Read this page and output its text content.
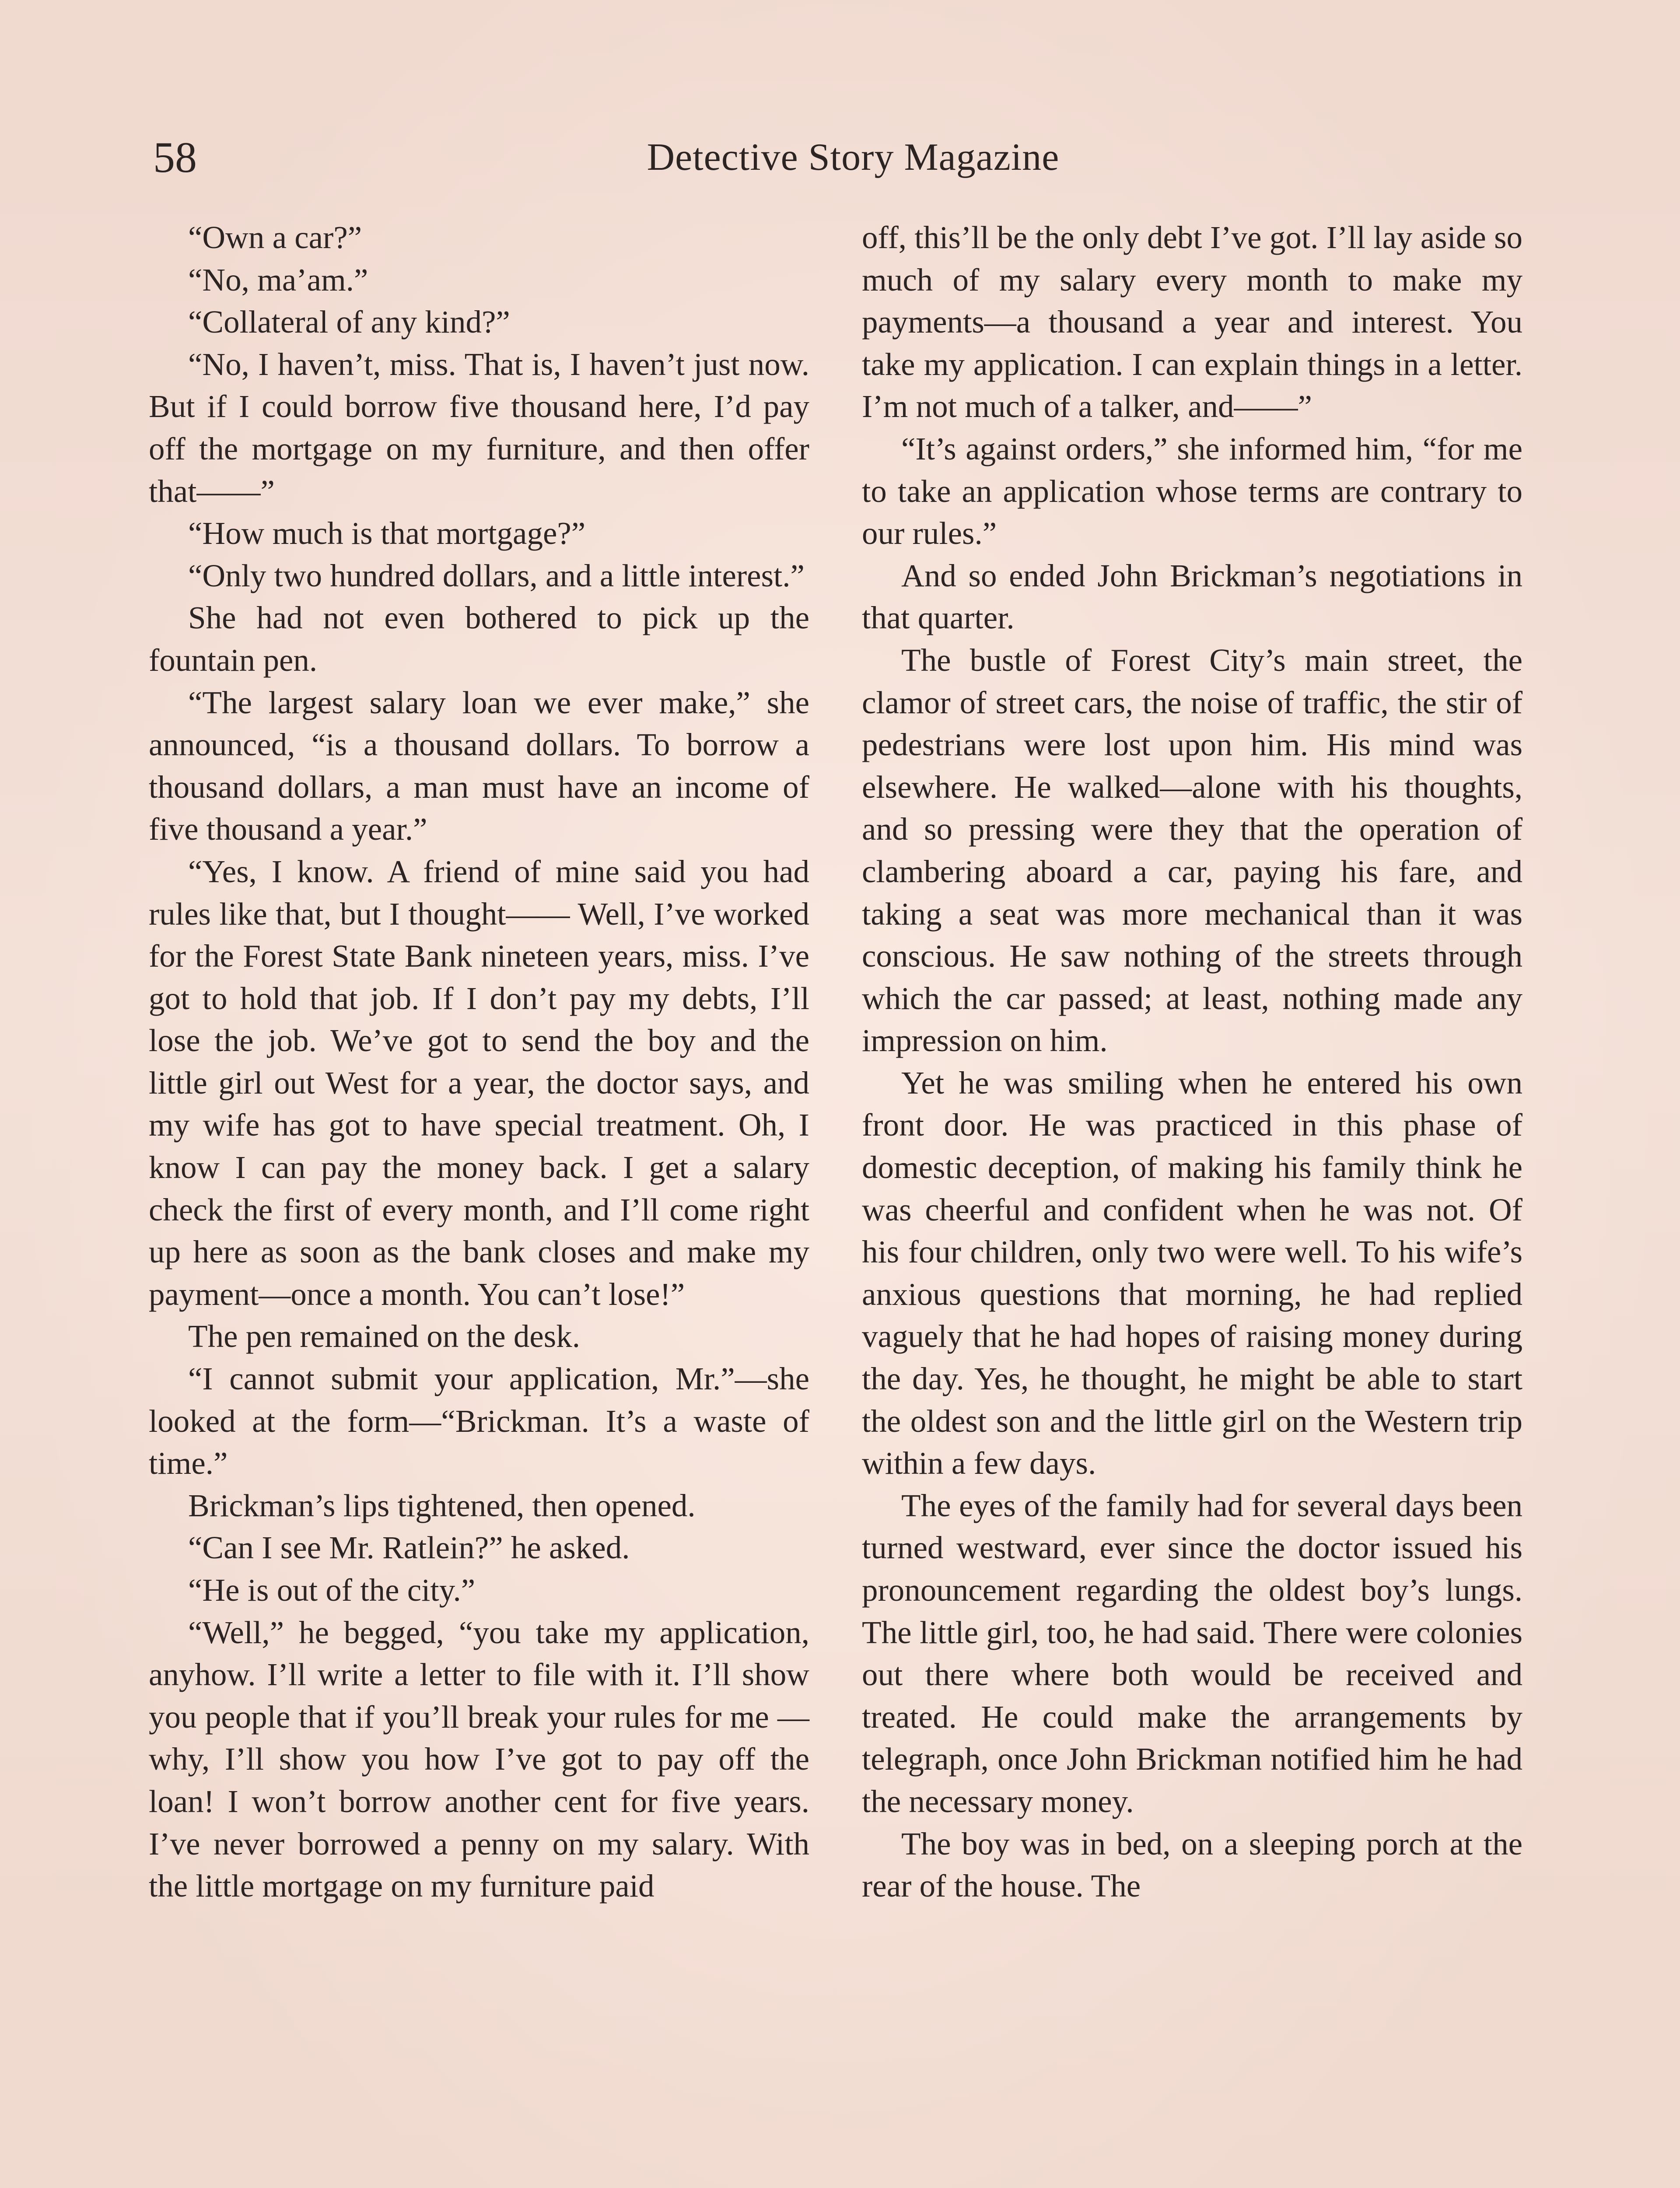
58	Detective Story Magazine

“Own a car?”

“No, ma’am.”

“Collateral of any kind?”

“No, I haven’t, miss. That is, I haven’t just now. But if I could borrow five thousand here, I’d pay off the mortgage on my furniture, and then offer that——”

“How much is that mortgage?”

“Only two hundred dollars, and a little interest.”

She had not even bothered to pick up the fountain pen.

“The largest salary loan we ever make,” she announced, “is a thousand dollars. To borrow a thousand dollars, a man must have an income of five thousand a year.”

“Yes, I know. A friend of mine said you had rules like that, but I thought—— Well, I’ve worked for the Forest State Bank nineteen years, miss. I’ve got to hold that job. If I don’t pay my debts, I’ll lose the job. We’ve got to send the boy and the little girl out West for a year, the doctor says, and my wife has got to have special treatment. Oh, I know I can pay the money back. I get a salary check the first of every month, and I’ll come right up here as soon as the bank closes and make my payment—once a month. You can’t lose!”

The pen remained on the desk.

“I cannot submit your application, Mr.”—she looked at the form—“Brickman. It’s a waste of time.”

Brickman’s lips tightened, then opened.

“Can I see Mr. Ratlein?” he asked.

“He is out of the city.”

“Well,” he begged, “you take my application, anyhow. I’ll write a letter to file with it. I’ll show you people that if you’ll break your rules for me —why, I’ll show you how I’ve got to pay off the loan! I won’t borrow another cent for five years. I’ve never borrowed a penny on my salary. With the little mortgage on my furniture paid

off, this’ll be the only debt I’ve got. I’ll lay aside so much of my salary every month to make my payments—a thousand a year and interest. You take my application. I can explain things in a letter. I’m not much of a talker, and——”

“It’s against orders,” she informed him, “for me to take an application whose terms are contrary to our rules.”

And so ended John Brickman’s negotiations in that quarter.

The bustle of Forest City’s main street, the clamor of street cars, the noise of traffic, the stir of pedestrians were lost upon him. His mind was elsewhere. He walked—alone with his thoughts, and so pressing were they that the operation of clambering aboard a car, paying his fare, and taking a seat was more mechanical than it was conscious. He saw nothing of the streets through which the car passed; at least, nothing made any impression on him.

Yet he was smiling when he entered his own front door. He was practiced in this phase of domestic deception, of making his family think he was cheerful and confident when he was not. Of his four children, only two were well. To his wife’s anxious questions that morning, he had replied vaguely that he had hopes of raising money during the day. Yes, he thought, he might be able to start the oldest son and the little girl on the Western trip within a few days.

The eyes of the family had for several days been turned westward, ever since the doctor issued his pronouncement regarding the oldest boy’s lungs. The little girl, too, he had said. There were colonies out there where both would be received and treated. He could make the arrangements by telegraph, once John Brickman notified him he had the necessary money.

The boy was in bed, on a sleeping porch at the rear of the house. The
